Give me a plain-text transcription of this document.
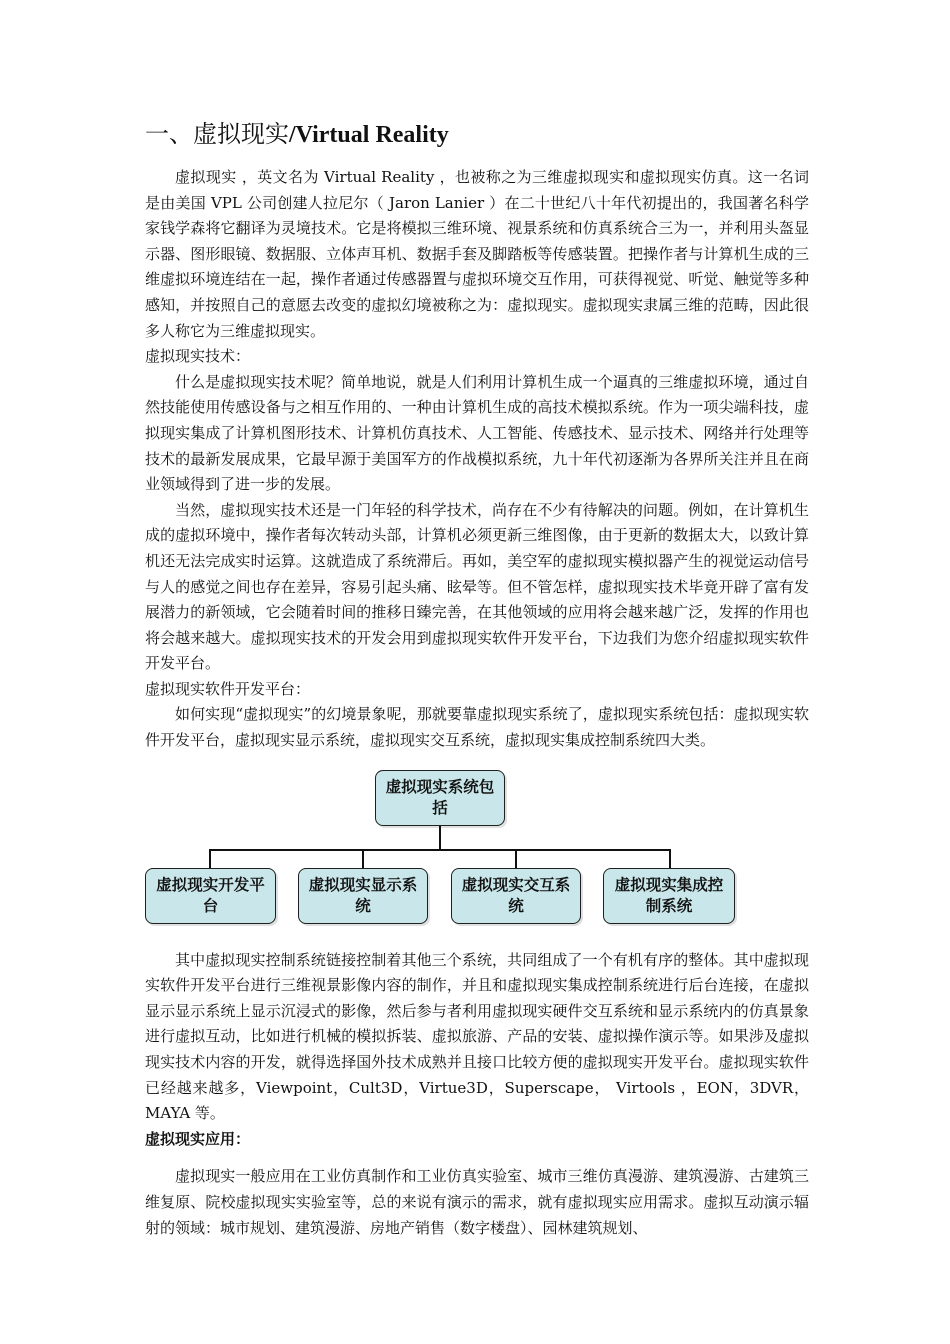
一、虚拟现实/Virtual Reality

虚拟现实 ，英文名为 Virtual Reality ，也被称之为三维虚拟现实和虚拟现实仿真。这一名词是由美国 VPL 公司创建人拉尼尔（ Jaron Lanier ）在二十世纪八十年代初提出的，我国著名科学家钱学森将它翻译为灵境技术。它是将模拟三维环境、视景系统和仿真系统合三为一，并利用头盔显示器、图形眼镜、数据服、立体声耳机、数据手套及脚踏板等传感装置。把操作者与计算机生成的三维虚拟环境连结在一起，操作者通过传感器置与虚拟环境交互作用，可获得视觉、听觉、触觉等多种感知，并按照自己的意愿去改变的虚拟幻境被称之为：虚拟现实。虚拟现实隶属三维的范畴，因此很多人称它为三维虚拟现实。

虚拟现实技术：

什么是虚拟现实技术呢？简单地说，就是人们利用计算机生成一个逼真的三维虚拟环境，通过自然技能使用传感设备与之相互作用的、一种由计算机生成的高技术模拟系统。作为一项尖端科技，虚拟现实集成了计算机图形技术、计算机仿真技术、人工智能、传感技术、显示技术、网络并行处理等技术的最新发展成果，它最早源于美国军方的作战模拟系统，九十年代初逐渐为各界所关注并且在商业领域得到了进一步的发展。

当然，虚拟现实技术还是一门年轻的科学技术，尚存在不少有待解决的问题。例如，在计算机生成的虚拟环境中，操作者每次转动头部，计算机必须更新三维图像，由于更新的数据太大，以致计算机还无法完成实时运算。这就造成了系统滞后。再如，美空军的虚拟现实模拟器产生的视觉运动信号与人的感觉之间也存在差异，容易引起头痛、眩晕等。但不管怎样，虚拟现实技术毕竟开辟了富有发展潜力的新领域，它会随着时间的推移日臻完善，在其他领域的应用将会越来越广泛，发挥的作用也将会越来越大。虚拟现实技术的开发会用到虚拟现实软件开发平台，下边我们为您介绍虚拟现实软件开发平台。

虚拟现实软件开发平台：

如何实现“虚拟现实”的幻境景象呢，那就要靠虚拟现实系统了，虚拟现实系统包括：虚拟现实软件开发平台，虚拟现实显示系统，虚拟现实交互系统，虚拟现实集成控制系统四大类。

虚拟现实系统包括
虚拟现实开发平台
虚拟现实显示系统
虚拟现实交互系统
虚拟现实集成控制系统

其中虚拟现实控制系统链接控制着其他三个系统，共同组成了一个有机有序的整体。其中虚拟现实软件开发平台进行三维视景影像内容的制作，并且和虚拟现实集成控制系统进行后台连接，在虚拟显示显示系统上显示沉浸式的影像，然后参与者利用虚拟现实硬件交互系统和显示系统内的仿真景象进行虚拟互动，比如进行机械的模拟拆装、虚拟旅游、产品的安装、虚拟操作演示等。如果涉及虚拟现实技术内容的开发，就得选择国外技术成熟并且接口比较方便的虚拟现实开发平台。虚拟现实软件已经越来越多，Viewpoint，Cult3D，Virtue3D，Superscape， Virtools ，EON，3DVR，MAYA 等。

虚拟现实应用：

虚拟现实一般应用在工业仿真制作和工业仿真实验室、城市三维仿真漫游、建筑漫游、古建筑三维复原、院校虚拟现实实验室等，总的来说有演示的需求，就有虚拟现实应用需求。虚拟互动演示辐射的领域：城市规划、建筑漫游、房地产销售（数字楼盘）、园林建筑规划、
